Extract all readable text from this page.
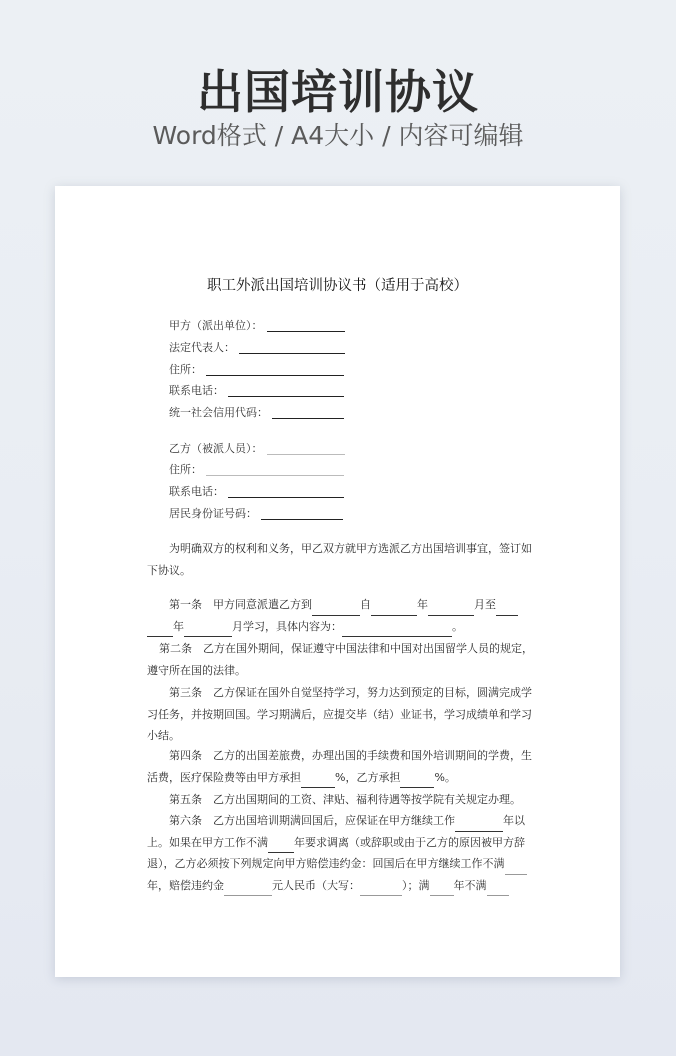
出国培训协议
Word格式 / A4大小 / 内容可编辑
职工外派出国培训协议书（适用于高校）
甲方（派出单位）：
法定代表人：
住所：
联系电话：
统一社会信用代码：
乙方（被派人员）：
住所：
联系电话：
居民身份证号码：
为明确双方的权利和义务，甲乙双方就甲方选派乙方出国培训事宜，签订如
下协议。
第一条　甲方同意派遣乙方到	自	年	月至
年	月学习，具体内容为：	。
第二条　乙方在国外期间，保证遵守中国法律和中国对出国留学人员的规定，
遵守所在国的法律。
第三条　乙方保证在国外自觉坚持学习，努力达到预定的目标，圆满完成学
习任务，并按期回国。学习期满后，应提交毕（结）业证书，学习成绩单和学习
小结。
第四条　乙方的出国差旅费，办理出国的手续费和国外培训期间的学费，生
活费，医疗保险费等由甲方承担	%，乙方承担	%。
第五条　乙方出国期间的工资、津贴、福利待遇等按学院有关规定办理。
第六条　乙方出国培训期满回国后，应保证在甲方继续工作	年以
上。如果在甲方工作不满 年要求调离（或辞职或由于乙方的原因被甲方辞
退），乙方必须按下列规定向甲方赔偿违约金：回国后在甲方继续工作不满
年，赔偿违约金	元人民币（大写：	）；满 年不满
